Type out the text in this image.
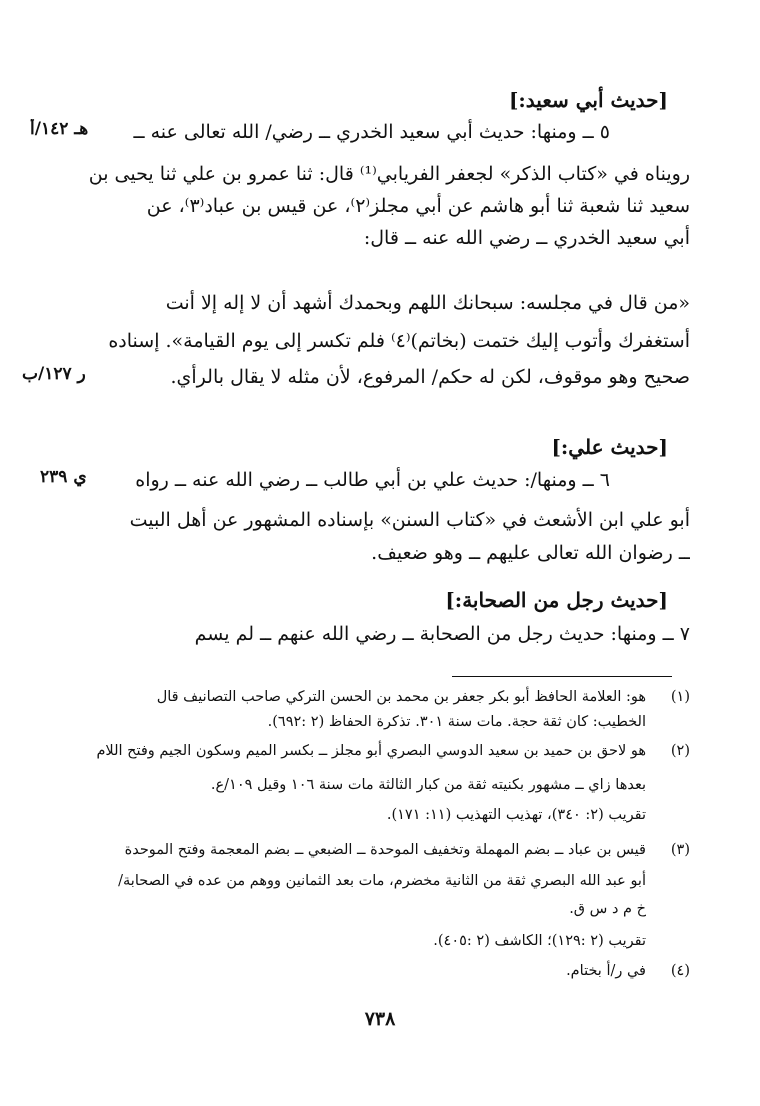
[حديث أبي سعيد:]
٥ ــ ومنها: حديث أبي سعيد الخدري ــ رضي/ الله تعالى عنه ــ
هـ ١٤٢/أ
رويناه في «كتاب الذكر» لجعفر الفريابي⁽¹⁾ قال: ثنا عمرو بن علي ثنا يحيى بن
سعيد ثنا شعبة ثنا أبو هاشم عن أبي مجلز⁽٢⁾، عن قيس بن عباد⁽٣⁾، عن
أبي سعيد الخدري ــ رضي الله عنه ــ قال:
«من قال في مجلسه: سبحانك اللهم وبحمدك أشهد أن لا إله إلا أنت
أستغفرك وأتوب إليك ختمت (بخاتم)⁽٤⁾ فلم تكسر إلى يوم القيامة». إسناده
صحيح وهو موقوف، لكن له حكم/ المرفوع، لأن مثله لا يقال بالرأي.
ر ١٢٧/ب
[حديث علي:]
٦ ــ ومنها/: حديث علي بن أبي طالب ــ رضي الله عنه ــ رواه
ي ٢٣٩
أبو علي ابن الأشعث في «كتاب السنن» بإسناده المشهور عن أهل البيت
ــ رضوان الله تعالى عليهم ــ وهو ضعيف.
[حديث رجل من الصحابة:]
٧ ــ ومنها: حديث رجل من الصحابة ــ رضي الله عنهم ــ لم يسم
(١)
هو: العلامة الحافظ أبو بكر جعفر بن محمد بن الحسن التركي صاحب التصانيف قال
الخطيب: كان ثقة حجة. مات سنة ٣٠١. تذكرة الحفاظ (٢ :٦٩٢).
(٢)
هو لاحق بن حميد بن سعيد الدوسي البصري أبو مجلز ــ بكسر الميم وسكون الجيم وفتح اللام
بعدها زاي ــ مشهور بكنيته ثقة من كبار الثالثة مات سنة ١٠٦ وقيل ١٠٩/ع.
تقريب (٢: ٣٤٠)، تهذيب التهذيب (١١: ١٧١).
(٣)
قيس بن عباد ــ بضم المهملة وتخفيف الموحدة ــ الضبعي ــ بضم المعجمة وفتح الموحدة
أبو عبد الله البصري ثقة من الثانية مخضرم، مات بعد الثمانين ووهم من عده في الصحابة/
خ م د س ق.
تقريب (٢ :١٢٩)؛ الكاشف (٢ :٤٠٥).
(٤)
في ر/أ بختام.
٧٣٨
